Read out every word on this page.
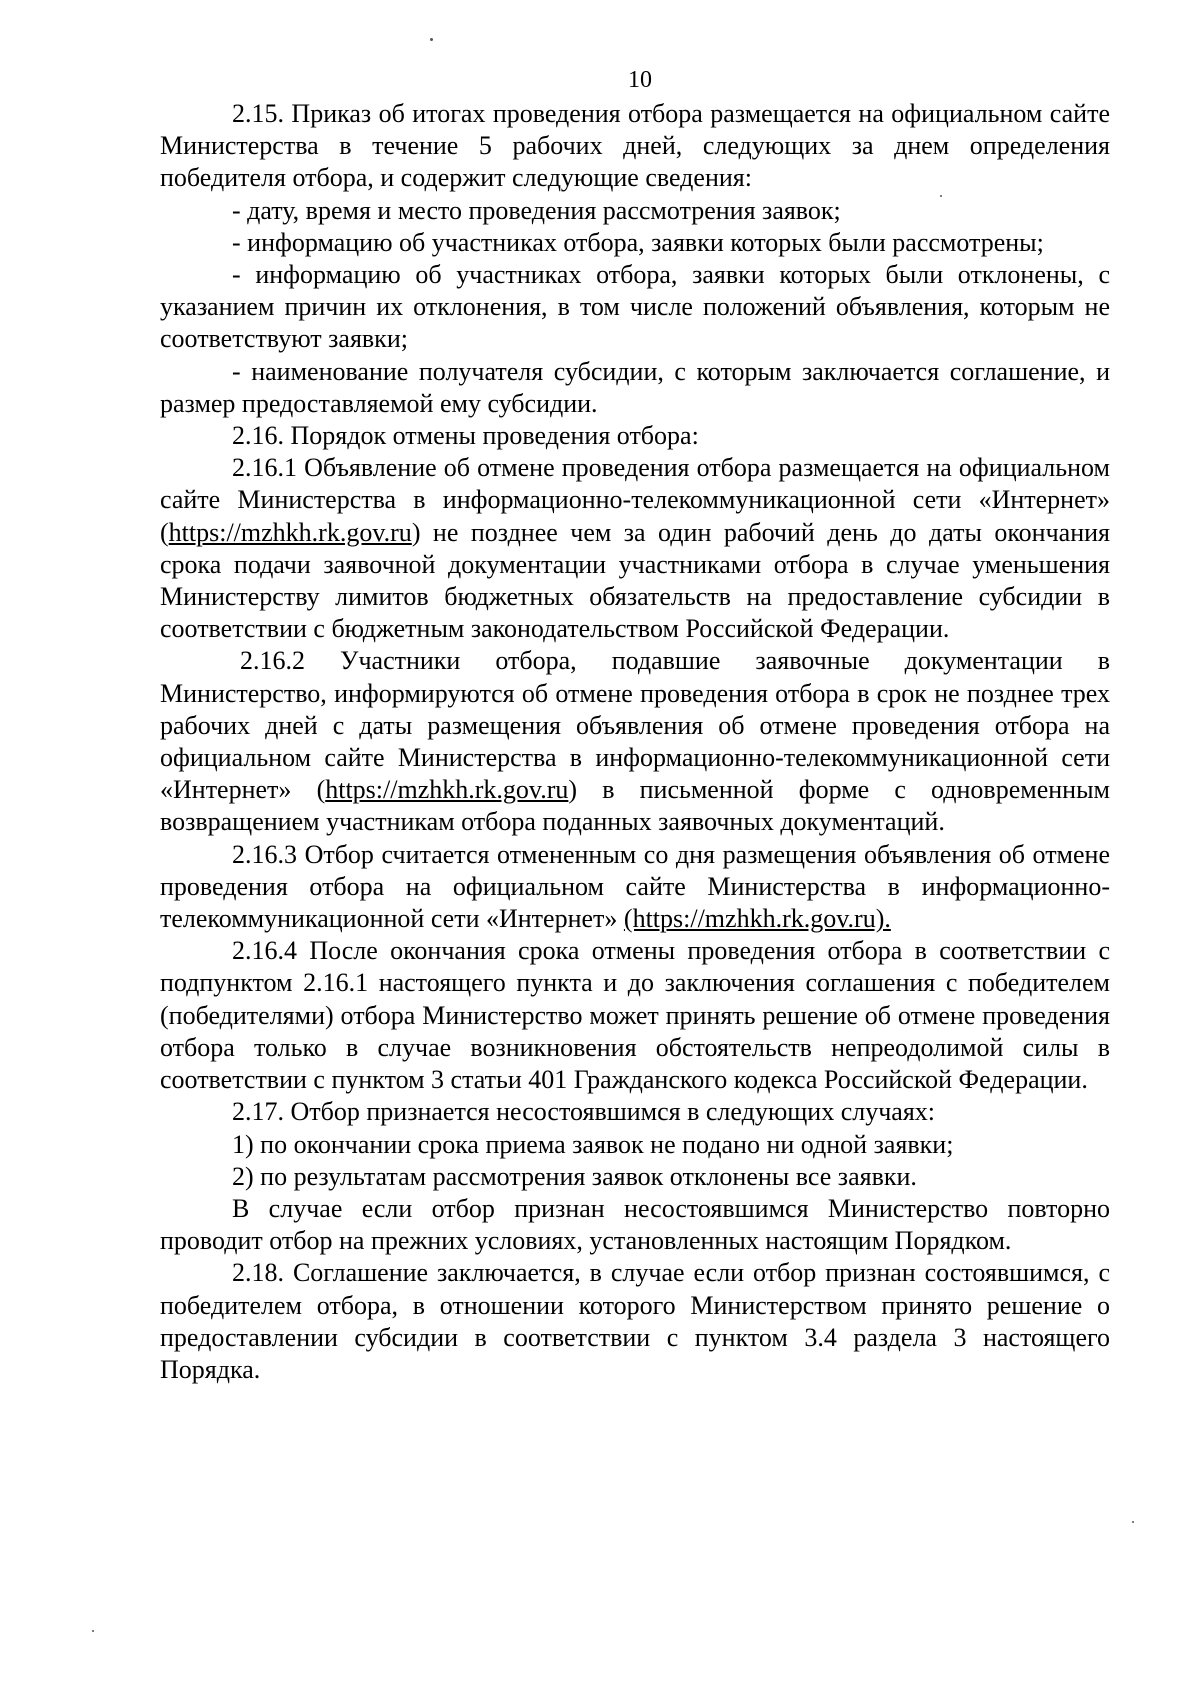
10

2.15. Приказ об итогах проведения отбора размещается на официальном сайте Министерства в течение 5 рабочих дней, следующих за днем определения победителя отбора, и содержит следующие сведения:

- дату, время и место проведения рассмотрения заявок;

- информацию об участниках отбора, заявки которых были рассмотрены;

- информацию об участниках отбора, заявки которых были отклонены, с указанием причин их отклонения, в том числе положений объявления, которым не соответствуют заявки;

- наименование получателя субсидии, с которым заключается соглашение, и размер предоставляемой ему субсидии.

2.16. Порядок отмены проведения отбора:

2.16.1 Объявление об отмене проведения отбора размещается на официальном сайте Министерства в информационно-телекоммуникационной сети «Интернет» (https://mzhkh.rk.gov.ru) не позднее чем за один рабочий день до даты окончания срока подачи заявочной документации участниками отбора в случае уменьшения Министерству лимитов бюджетных обязательств на предоставление субсидии в соответствии с бюджетным законодательством Российской Федерации.

2.16.2 Участники отбора, подавшие заявочные документации в Министерство, информируются об отмене проведения отбора в срок не позднее трех рабочих дней с даты размещения объявления об отмене проведения отбора на официальном сайте Министерства в информационно-телекоммуникационной сети «Интернет» (https://mzhkh.rk.gov.ru) в письменной форме с одновременным возвращением участникам отбора поданных заявочных документаций.

2.16.3 Отбор считается отмененным со дня размещения объявления об отмене проведения отбора на официальном сайте Министерства в информационно-телекоммуникационной сети «Интернет» (https://mzhkh.rk.gov.ru).

2.16.4 После окончания срока отмены проведения отбора в соответствии с подпунктом 2.16.1 настоящего пункта и до заключения соглашения с победителем (победителями) отбора Министерство может принять решение об отмене проведения отбора только в случае возникновения обстоятельств непреодолимой силы в соответствии с пунктом 3 статьи 401 Гражданского кодекса Российской Федерации.

2.17. Отбор признается несостоявшимся в следующих случаях:

1) по окончании срока приема заявок не подано ни одной заявки;

2) по результатам рассмотрения заявок отклонены все заявки.

В случае если отбор признан несостоявшимся Министерство повторно проводит отбор на прежних условиях, установленных настоящим Порядком.

2.18. Соглашение заключается, в случае если отбор признан состоявшимся, с победителем отбора, в отношении которого Министерством принято решение о предоставлении субсидии в соответствии с пунктом 3.4 раздела 3 настоящего Порядка.
